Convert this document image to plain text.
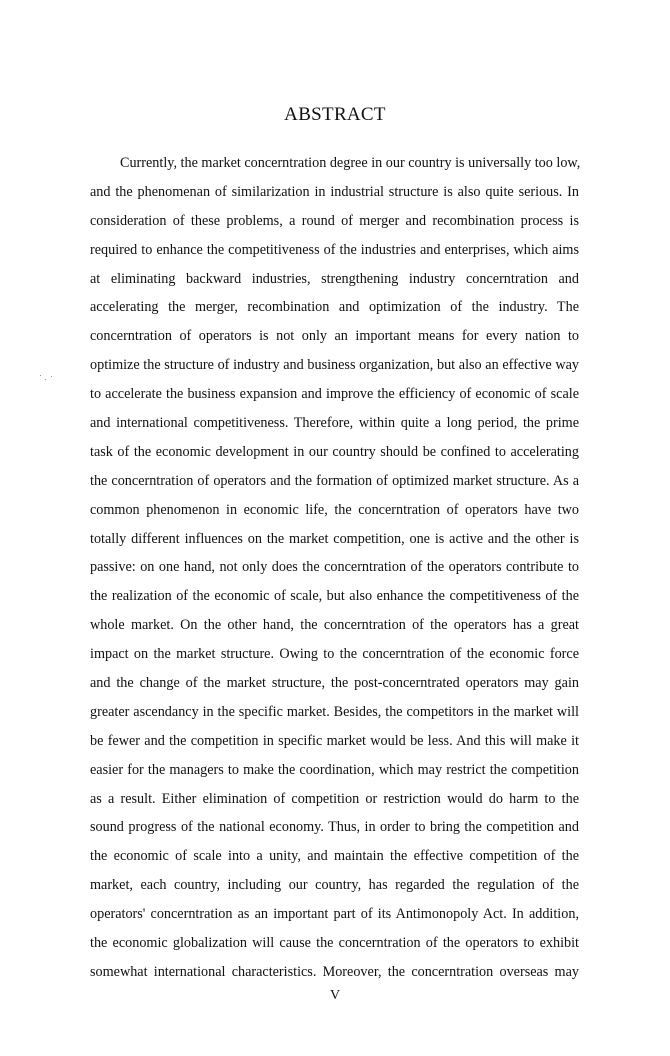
ABSTRACT
Currently, the market concerntration degree in our country is universally too low,
and the phenomenan of similarization in industrial structure is also quite serious. In
consideration of these problems, a round of merger and recombination process is
required to enhance the competitiveness of the industries and enterprises, which aims
at eliminating backward industries, strengthening industry concerntration and
accelerating the merger, recombination and optimization of the industry. The
concerntration of operators is not only an important means for every nation to
optimize the structure of industry and business organization, but also an effective way
to accelerate the business expansion and improve the efficiency of economic of scale
and international competitiveness. Therefore, within quite a long period, the prime
task of the economic development in our country should be confined to accelerating
the concerntration of operators and the formation of optimized market structure. As a
common phenomenon in economic life, the concerntration of operators have two
totally different influences on the market competition, one is active and the other is
passive: on one hand, not only does the concerntration of the operators contribute to
the realization of the economic of scale, but also enhance the competitiveness of the
whole market. On the other hand, the concerntration of the operators has a great
impact on the market structure. Owing to the concerntration of the economic force
and the change of the market structure, the post-concerntrated operators may gain
greater ascendancy in the specific market. Besides, the competitors in the market will
be fewer and the competition in specific market would be less. And this will make it
easier for the managers to make the coordination, which may restrict the competition
as a result. Either elimination of competition or restriction would do harm to the
sound progress of the national economy. Thus, in order to bring the competition and
the economic of scale into a unity, and maintain the effective competition of the
market, each country, including our country, has regarded the regulation of the
operators' concerntration as an important part of its Antimonopoly Act. In addition,
the economic globalization will cause the concerntration of the operators to exhibit
somewhat international characteristics. Moreover, the concerntration overseas may
V
